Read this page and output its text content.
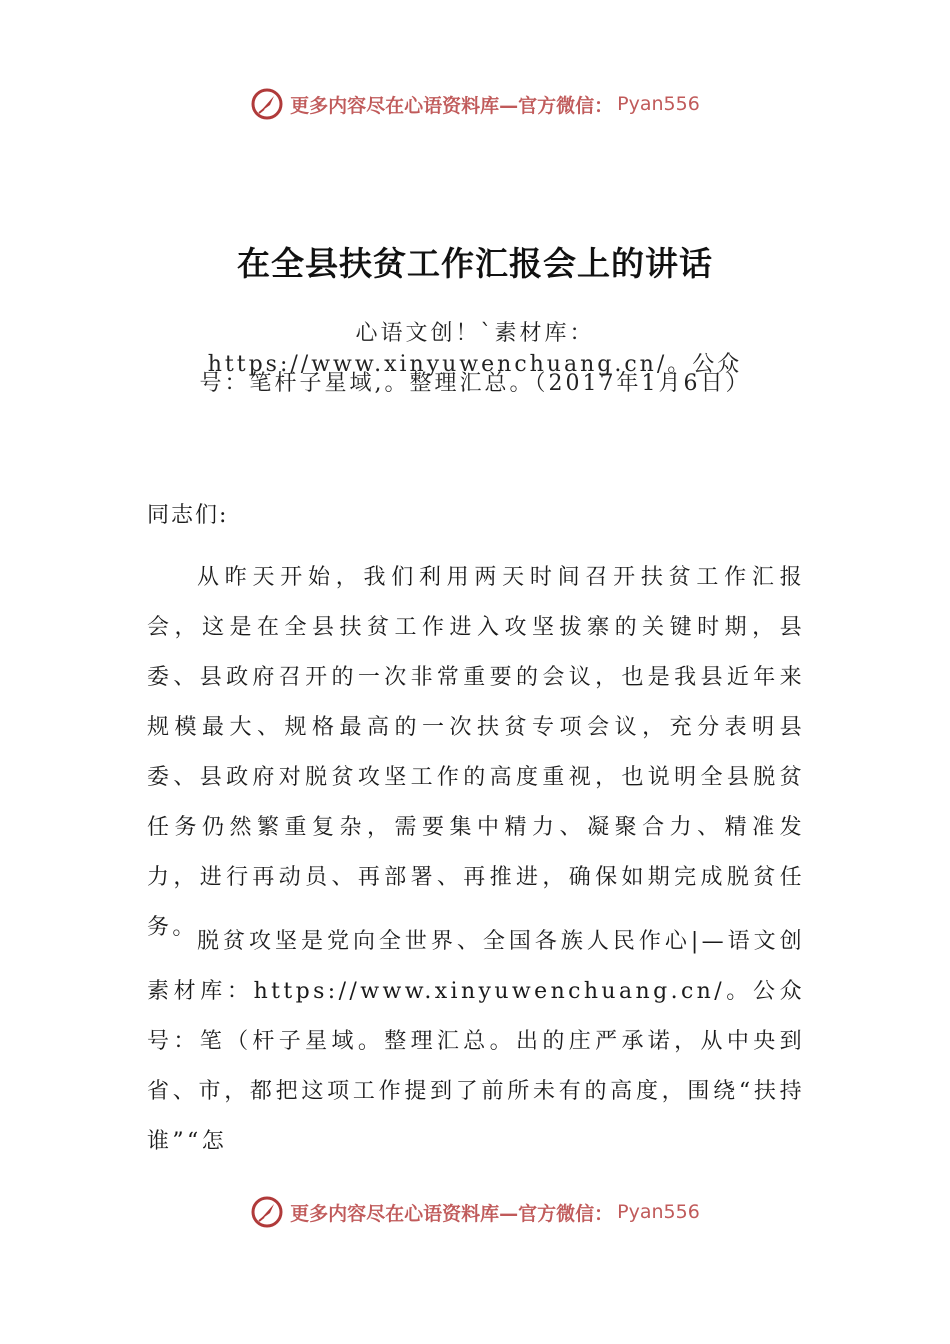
更多内容尽在心语资料库—官方微信： Pyan556
在全县扶贫工作汇报会上的讲话
心语文创！`素材库：https://www.xinyuwenchuang.cn/。公众
号：笔杆子星域,。整理汇总。（2017年1月6日）
同志们:

从昨天开始，我们利用两天时间召开扶贫工作汇报会，这是在全县扶贫工作进入攻坚拔寨的关键时期，县委、县政府召开的一次非常重要的会议，也是我县近年来规模最大、规格最高的一次扶贫专项会议，充分表明县委、县政府对脱贫攻坚工作的高度重视，也说明全县脱贫任务仍然繁重复杂，需要集中精力、凝聚合力、精准发力，进行再动员、再部署、再推进，确保如期完成脱贫任务。

脱贫攻坚是党向全世界、全国各族人民作心|—语文创素材库：https://www.xinyuwenchuang.cn/。公众号：笔（杆子星域。整理汇总。出的庄严承诺，从中央到省、市，都把这项工作提到了前所未有的高度，围绕“扶持谁”“怎

更多内容尽在心语资料库—官方微信： Pyan556
